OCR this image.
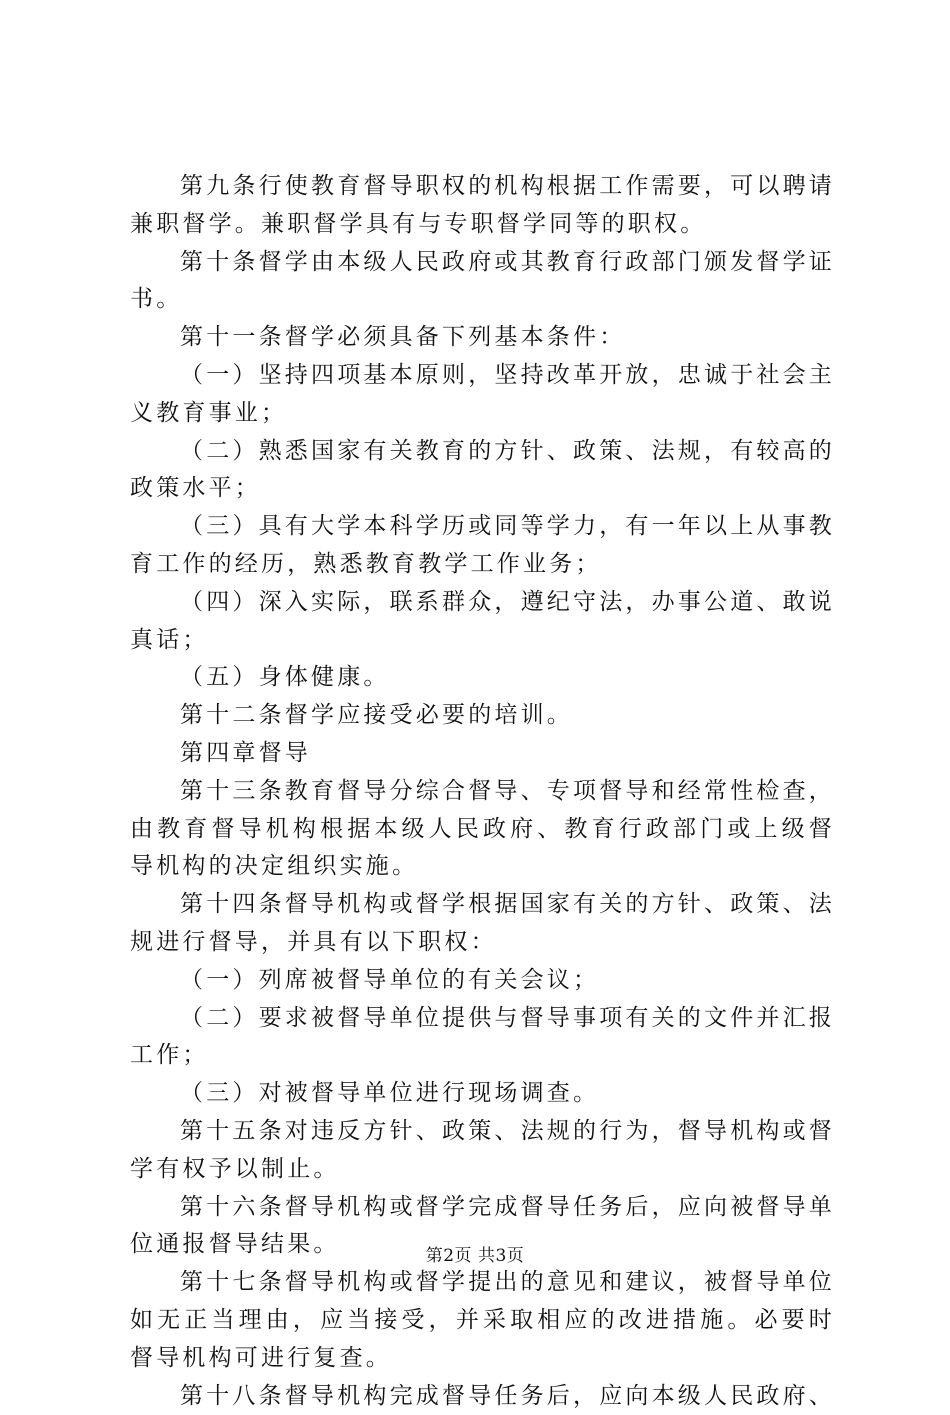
第九条行使教育督导职权的机构根据工作需要，可以聘请兼职督学。兼职督学具有与专职督学同等的职权。

第十条督学由本级人民政府或其教育行政部门颁发督学证书。

第十一条督学必须具备下列基本条件：

（一）坚持四项基本原则，坚持改革开放，忠诚于社会主义教育事业；

（二）熟悉国家有关教育的方针、政策、法规，有较高的政策水平；

（三）具有大学本科学历或同等学力，有一年以上从事教育工作的经历，熟悉教育教学工作业务；

（四）深入实际，联系群众，遵纪守法，办事公道、敢说真话；

（五）身体健康。

第十二条督学应接受必要的培训。

第四章督导

第十三条教育督导分综合督导、专项督导和经常性检查，由教育督导机构根据本级人民政府、教育行政部门或上级督导机构的决定组织实施。

第十四条督导机构或督学根据国家有关的方针、政策、法规进行督导，并具有以下职权：

（一）列席被督导单位的有关会议；

（二）要求被督导单位提供与督导事项有关的文件并汇报工作；

（三）对被督导单位进行现场调查。

第十五条对违反方针、政策、法规的行为，督导机构或督学有权予以制止。

第十六条督导机构或督学完成督导任务后，应向被督导单位通报督导结果。

第十七条督导机构或督学提出的意见和建议，被督导单位如无正当理由，应当接受，并采取相应的改进措施。必要时督导机构可进行复查。

第十八条督导机构完成督导任务后，应向本级人民政府、

第2页 共3页
